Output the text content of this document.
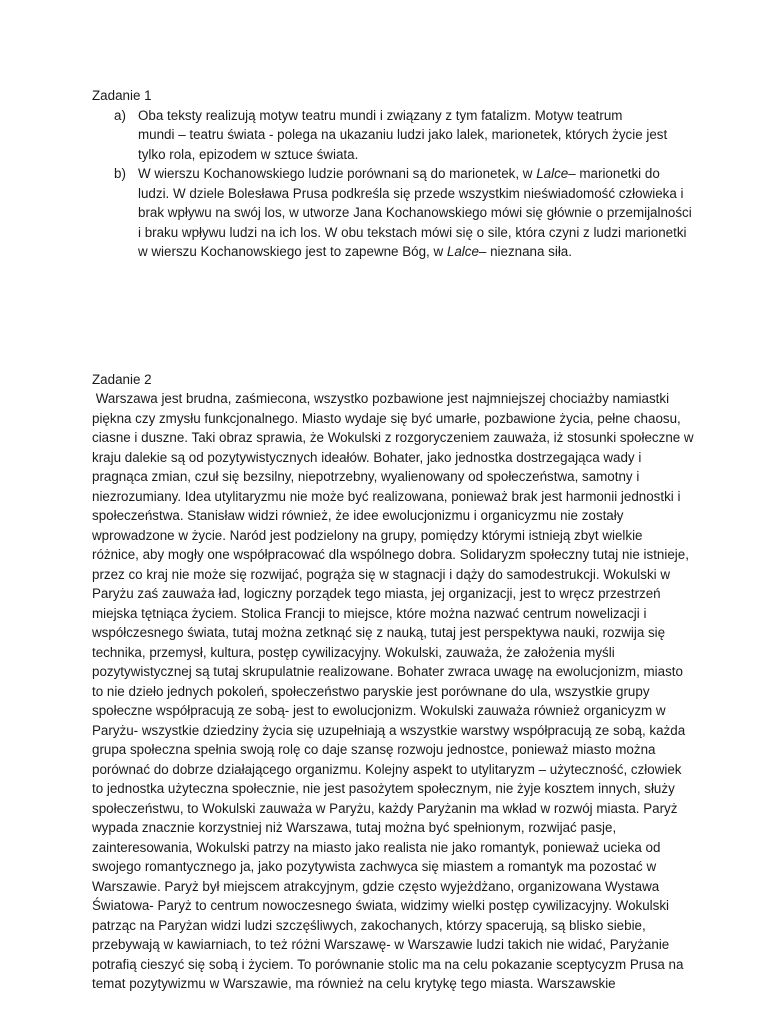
Zadanie 1

a) Oba teksty realizują motyw teatru mundi i związany z tym fatalizm. Motyw teatrum
mundi – teatru świata - polega na ukazaniu ludzi jako lalek, marionetek, których życie jest
tylko rola, epizodem w sztuce świata.
b) W wierszu Kochanowskiego ludzie porównani są do marionetek, w Lalce– marionetki do
ludzi. W dziele Bolesława Prusa podkreśla się przede wszystkim nieświadomość człowieka i
brak wpływu na swój los, w utworze Jana Kochanowskiego mówi się głównie o przemijalności
i braku wpływu ludzi na ich los. W obu tekstach mówi się o sile, która czyni z ludzi marionetki
w wierszu Kochanowskiego jest to zapewne Bóg, w Lalce– nieznana siła.

Zadanie 2

Warszawa jest brudna, zaśmiecona, wszystko pozbawione jest najmniejszej chociażby namiastki
piękna czy zmysłu funkcjonalnego. Miasto wydaje się być umarłe, pozbawione życia, pełne chaosu,
ciasne i duszne. Taki obraz sprawia, że Wokulski z rozgoryczeniem zauważa, iż stosunki społeczne w
kraju dalekie są od pozytywistycznych ideałów. Bohater, jako jednostka dostrzegająca wady i
pragnąca zmian, czuł się bezsilny, niepotrzebny, wyalienowany od społeczeństwa, samotny i
niezrozumiany. Idea utylitaryzmu nie może być realizowana, ponieważ brak jest harmonii jednostki i
społeczeństwa. Stanisław widzi również, że idee ewolucjonizmu i organicyzmu nie zostały
wprowadzone w życie. Naród jest podzielony na grupy, pomiędzy którymi istnieją zbyt wielkie
różnice, aby mogły one współpracować dla wspólnego dobra. Solidaryzm społeczny tutaj nie istnieje,
przez co kraj nie może się rozwijać, pogrąża się w stagnacji i dąży do samodestrukcji. Wokulski w
Paryżu zaś zauważa ład, logiczny porządek tego miasta, jej organizacji, jest to wręcz przestrzeń
miejska tętniąca życiem. Stolica Francji to miejsce, które można nazwać centrum nowelizacji i
współczesnego świata, tutaj można zetknąć się z nauką, tutaj jest perspektywa nauki, rozwija się
technika, przemysł, kultura, postęp cywilizacyjny. Wokulski, zauważa, że założenia myśli
pozytywistycznej są tutaj skrupulatnie realizowane. Bohater zwraca uwagę na ewolucjonizm, miasto
to nie dzieło jednych pokoleń, społeczeństwo paryskie jest porównane do ula, wszystkie grupy
społeczne współpracują ze sobą- jest to ewolucjonizm. Wokulski zauważa również organicyzm w
Paryżu- wszystkie dziedziny życia się uzupełniają a wszystkie warstwy współpracują ze sobą, każda
grupa społeczna spełnia swoją rolę co daje szansę rozwoju jednostce, ponieważ miasto można
porównać do dobrze działającego organizmu. Kolejny aspekt to utylitaryzm – użyteczność, człowiek
to jednostka użyteczna społecznie, nie jest pasożytem społecznym, nie żyje kosztem innych, służy
społeczeństwu, to Wokulski zauważa w Paryżu, każdy Paryżanin ma wkład w rozwój miasta. Paryż
wypada znacznie korzystniej niż Warszawa, tutaj można być spełnionym, rozwijać pasje,
zainteresowania, Wokulski patrzy na miasto jako realista nie jako romantyk, ponieważ ucieka od
swojego romantycznego ja, jako pozytywista zachwyca się miastem a romantyk ma pozostać w
Warszawie. Paryż był miejscem atrakcyjnym, gdzie często wyjeżdżano, organizowana Wystawa
Światowa- Paryż to centrum nowoczesnego świata, widzimy wielki postęp cywilizacyjny. Wokulski
patrząc na Paryżan widzi ludzi szczęśliwych, zakochanych, którzy spacerują, są blisko siebie,
przebywają w kawiarniach, to też różni Warszawę- w Warszawie ludzi takich nie widać, Paryżanie
potrafią cieszyć się sobą i życiem. To porównanie stolic ma na celu pokazanie sceptycyzm Prusa na
temat pozytywizmu w Warszawie, ma również na celu krytykę tego miasta. Warszawskie
